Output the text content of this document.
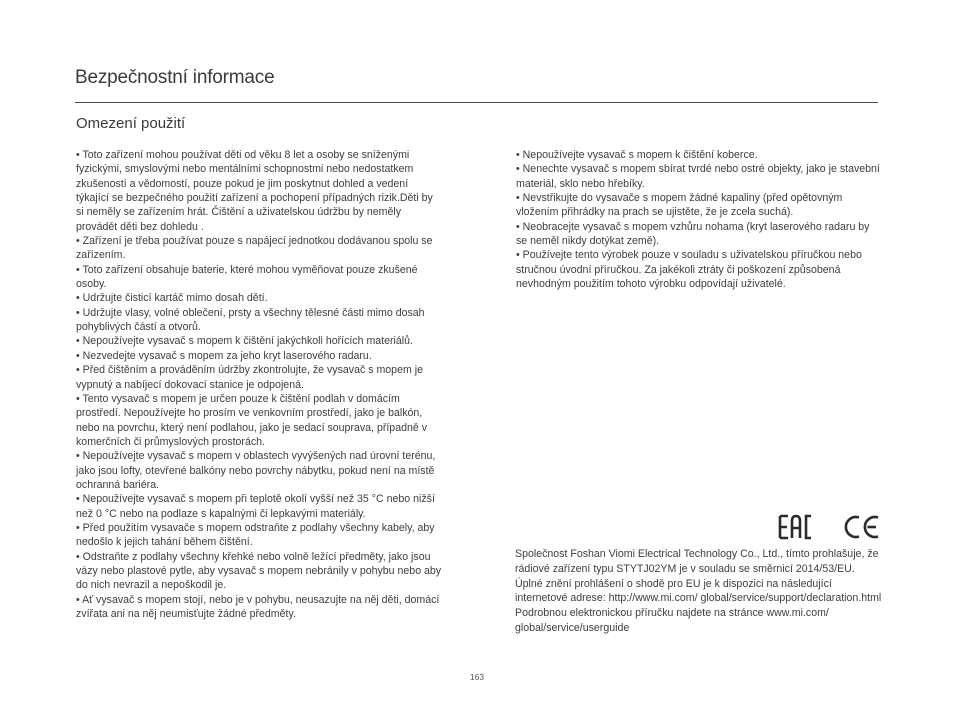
Bezpečnostní informace
Omezení použití
• Toto zařízení mohou používat děti od věku 8 let a osoby se sníženými fyzickými, smyslovými nebo mentálními schopnostmi nebo nedostatkem zkušeností a vědomostí, pouze pokud je jim poskytnut dohled a vedení týkající se bezpečného použití zařízení a pochopení případných rizik.Děti by si neměly se zařízením hrát. Čištění a uživatelskou údržbu by neměly provádět děti bez dohledu .
• Zařízení je třeba používat pouze s napájecí jednotkou dodávanou spolu se zařízením.
• Toto zařízení obsahuje baterie, které mohou vyměňovat pouze zkušené osoby.
• Udržujte čisticí kartáč mimo dosah dětí.
• Udržujte vlasy, volné oblečení, prsty a všechny tělesné části mimo dosah pohyblivých částí a otvorů.
• Nepoužívejte vysavač s mopem k čištění jakýchkoli hořících materiálů.
• Nezvedejte vysavač s mopem za jeho kryt laserového radaru.
• Před čištěním a prováděním údržby zkontrolujte, že vysavač s mopem je vypnutý a nabíjecí dokovací stanice je odpojená.
• Tento vysavač s mopem je určen pouze k čištění podlah v domácím prostředí. Nepoužívejte ho prosím ve venkovním prostředí, jako je balkón, nebo na povrchu, který není podlahou, jako je sedací souprava, případně v komerčních či průmyslových prostorách.
• Nepoužívejte vysavač s mopem v oblastech vyvýšených nad úrovní terénu, jako jsou lofty, otevřené balkóny nebo povrchy nábytku, pokud není na místě ochranná bariéra.
• Nepoužívejte vysavač s mopem při teplotě okolí vyšší než 35 °C nebo nižší než 0 °C nebo na podlaze s kapalnými či lepkavými materiály.
• Před použitím vysavače s mopem odstraňte z podlahy všechny kabely, aby nedošlo k jejich tahání během čištění.
• Odstraňte z podlahy všechny křehké nebo volně ležící předměty, jako jsou vázy nebo plastové pytle, aby vysavač s mopem nebránily v pohybu nebo aby do nich nevrazil a nepoškodil je.
• Ať vysavač s mopem stojí, nebo je v pohybu, neusazujte na něj děti, domácí zvířata ani na něj neumisťujte žádné předměty.
• Nepoužívejte vysavač s mopem k čištění koberce.
• Nenechte vysavač s mopem sbírat tvrdé nebo ostré objekty, jako je stavební materiál, sklo nebo hřebíky.
• Nevstřikujte do vysavače s mopem žádné kapaliny (před opětovným vložením přihrádky na prach se ujistěte, že je zcela suchá).
• Neobracejte vysavač s mopem vzhůru nohama (kryt laserového radaru by se neměl nikdy dotýkat země).
• Používejte tento výrobek pouze v souladu s uživatelskou příručkou nebo stručnou úvodní příručkou. Za jakékoli ztráty či poškození způsobená nevhodným použitím tohoto výrobku odpovídají uživatelé.

Společnost Foshan Viomi Electrical Technology Co., Ltd., tímto prohlašuje, že rádiové zařízení typu STYTJ02YM je v souladu se směrnicí 2014/53/EU. Úplné znění prohlášení o shodě pro EU je k dispozici na následující internetové adrese: http://www.mi.com/ global/service/support/declaration.html

Podrobnou elektronickou příručku najdete na stránce www.mi.com/ global/service/userguide

163
